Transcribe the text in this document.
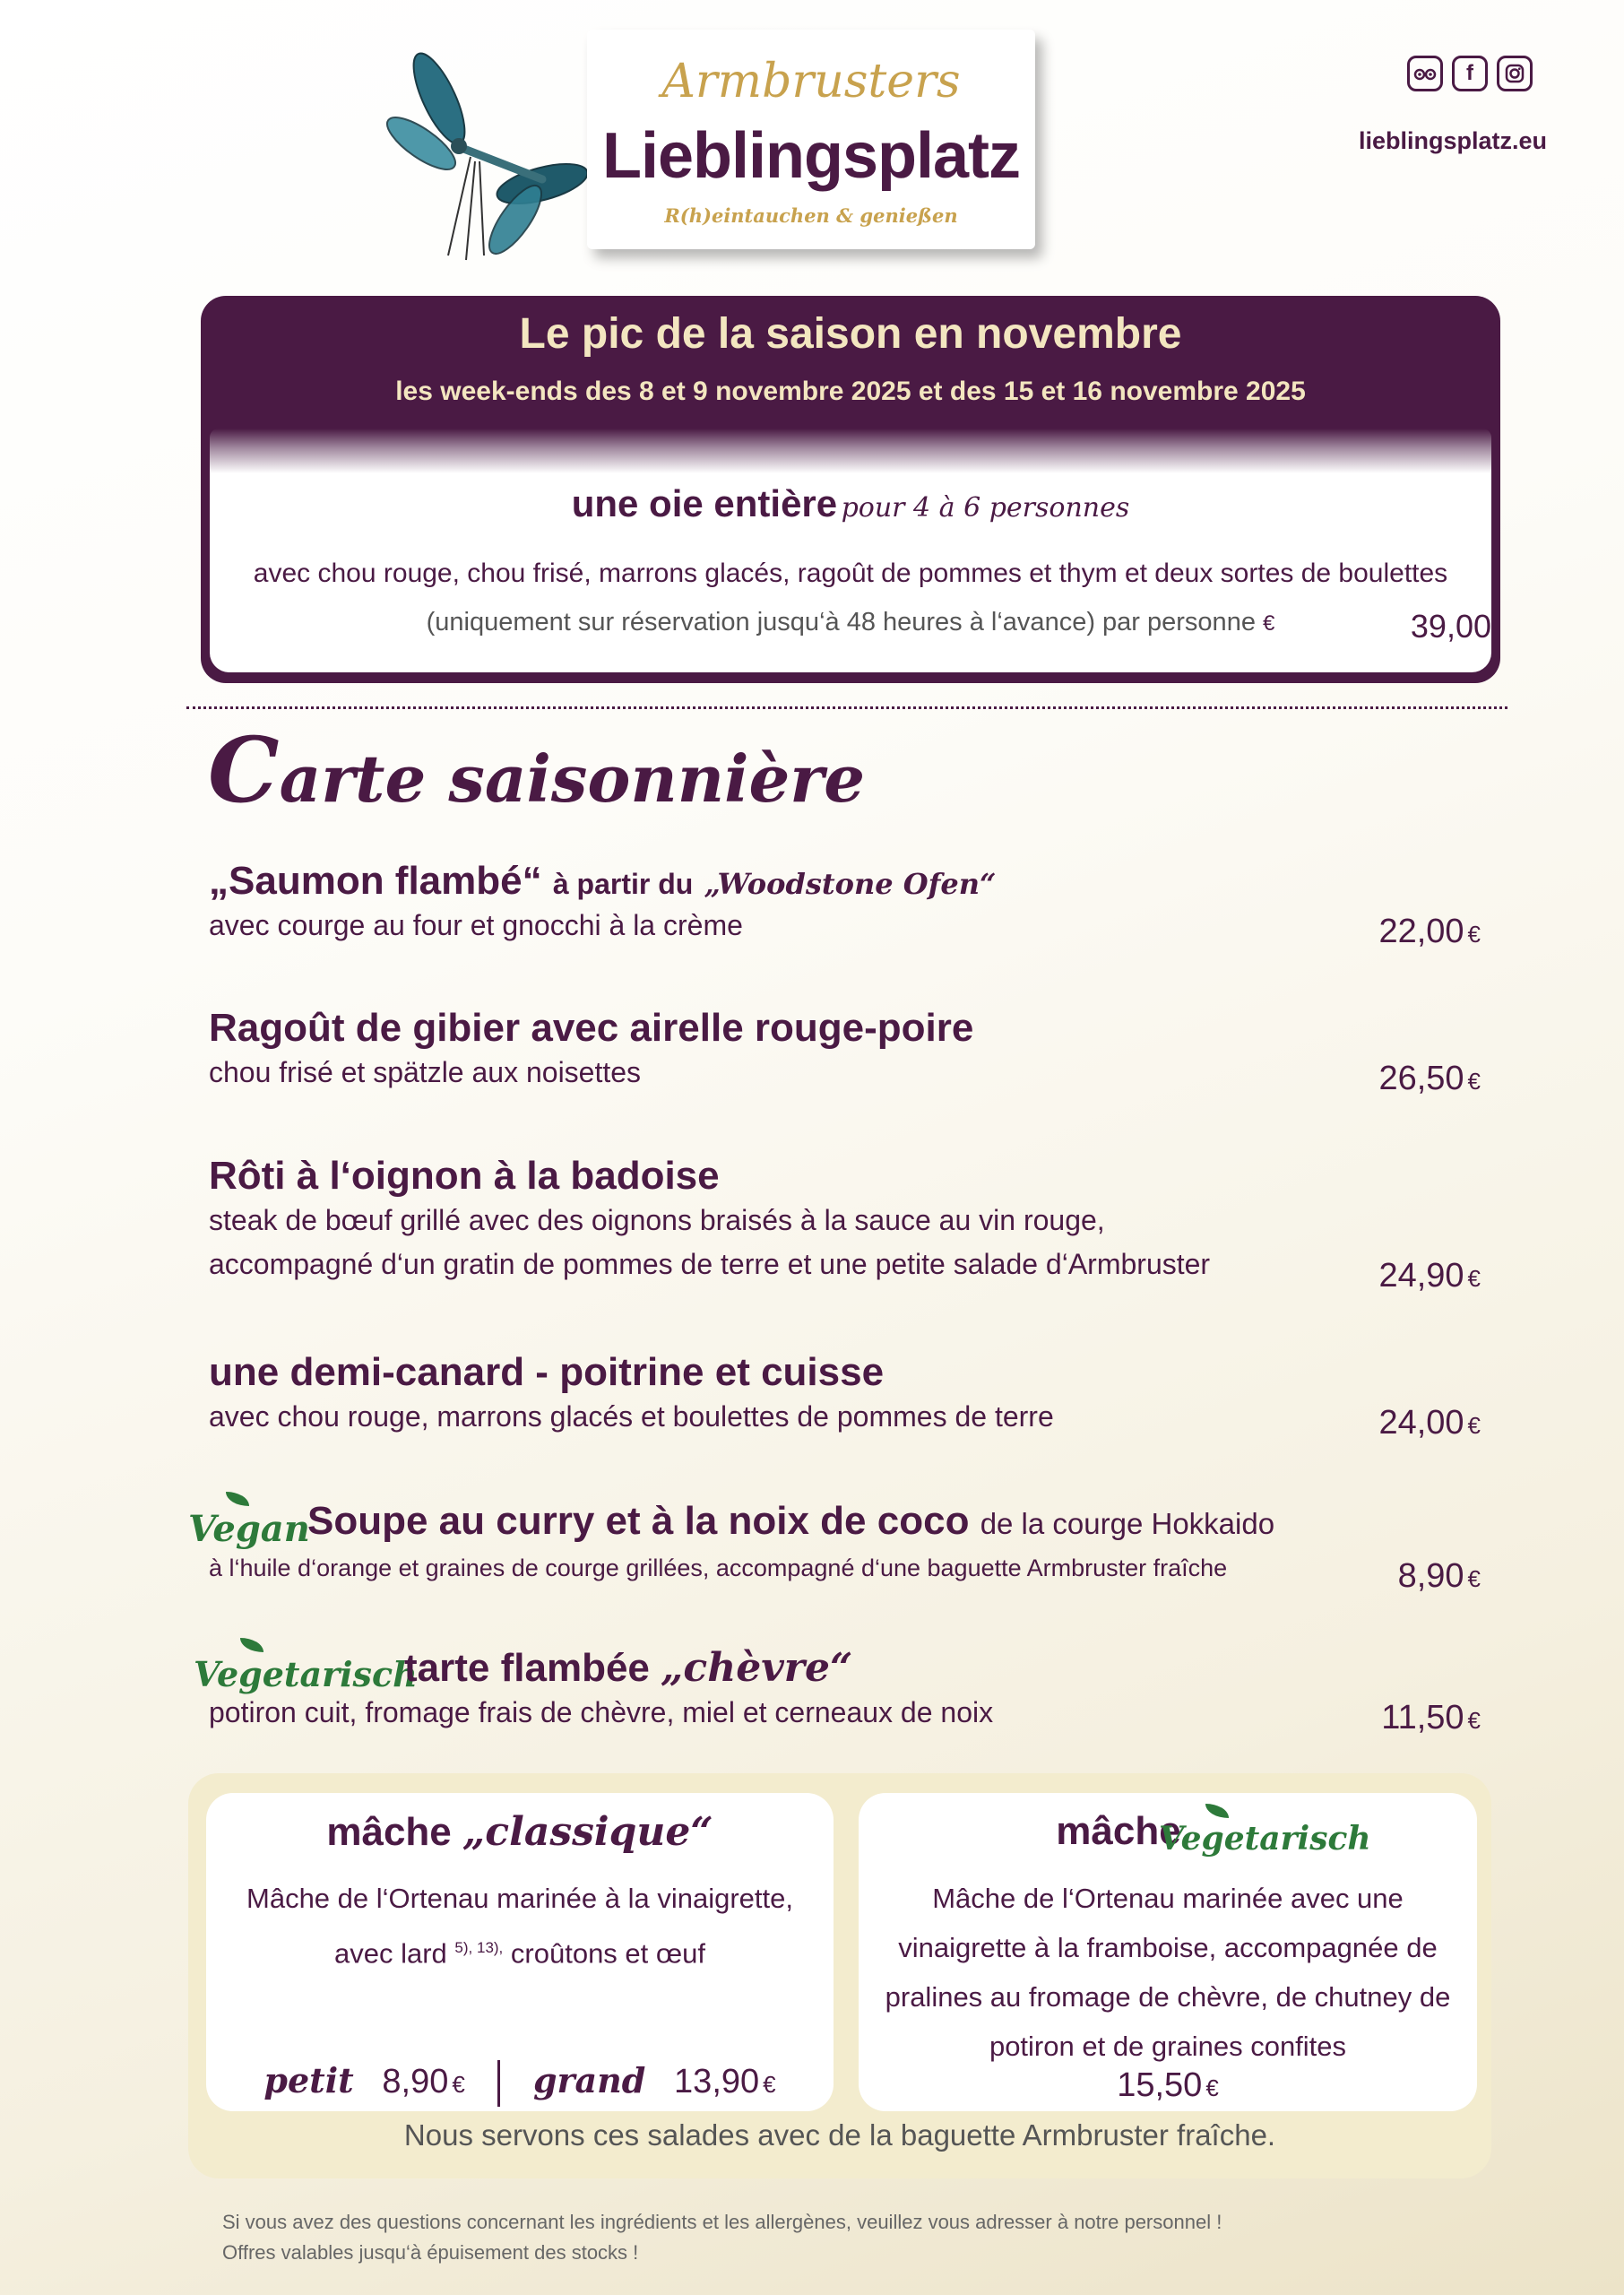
Armbrusters
Lieblingsplatz
R(h)eintauchen & genießen
f
lieblingsplatz.eu
Le pic de la saison en novembre
les week-ends des 8 et 9 novembre 2025 et des 15 et 16 novembre 2025
une oie entière pour 4 à 6 personnes
avec chou rouge, chou frisé, marrons glacés, ragoût de pommes et thym et deux sortes de boulettes
(uniquement sur réservation jusqu‘à 48 heures à l‘avance) par personne	39,00
€
Carte saisonnière
„Saumon flambé“ à partir du „Woodstone Ofen“
avec courge au four et gnocchi à la crème	22,00 €
Ragoût de gibier avec airelle rouge-poire
chou frisé et spätzle aux noisettes	26,50 €
Rôti à l‘oignon à la badoise
steak de bœuf grillé avec des oignons braisés à la sauce au vin rouge,
accompagné d‘un gratin de pommes de terre et une petite salade d‘Armbruster	24,90 €
une demi-canard - poitrine et cuisse
avec chou rouge, marrons glacés et boulettes de pommes de terre	24,00 €
Vegan
Soupe au curry et à la noix de coco de la courge Hokkaido
à l‘huile d‘orange et graines de courge grillées, accompagné d‘une baguette Armbruster fraîche	8,90 €
Vegetarisch
tarte flambée „chèvre“
potiron cuit, fromage frais de chèvre, miel et cerneaux de noix	11,50 €
mâche „classique“
Mâche de l‘Ortenau marinée à la vinaigrette,
avec lard $^{5), 13),}$ croûtons et œuf
petit 8,90 € grand 13,90 €
mâche
Vegetarisch
Mâche de l‘Ortenau marinée avec une
vinaigrette à la framboise, accompagnée de
pralines au fromage de chèvre, de chutney de
potiron et de graines confites
15,50 €
Nous servons ces salades avec de la baguette Armbruster fraîche.
Si vous avez des questions concernant les ingrédients et les allergènes, veuillez vous adresser à notre personnel !
Offres valables jusqu‘à épuisement des stocks !
